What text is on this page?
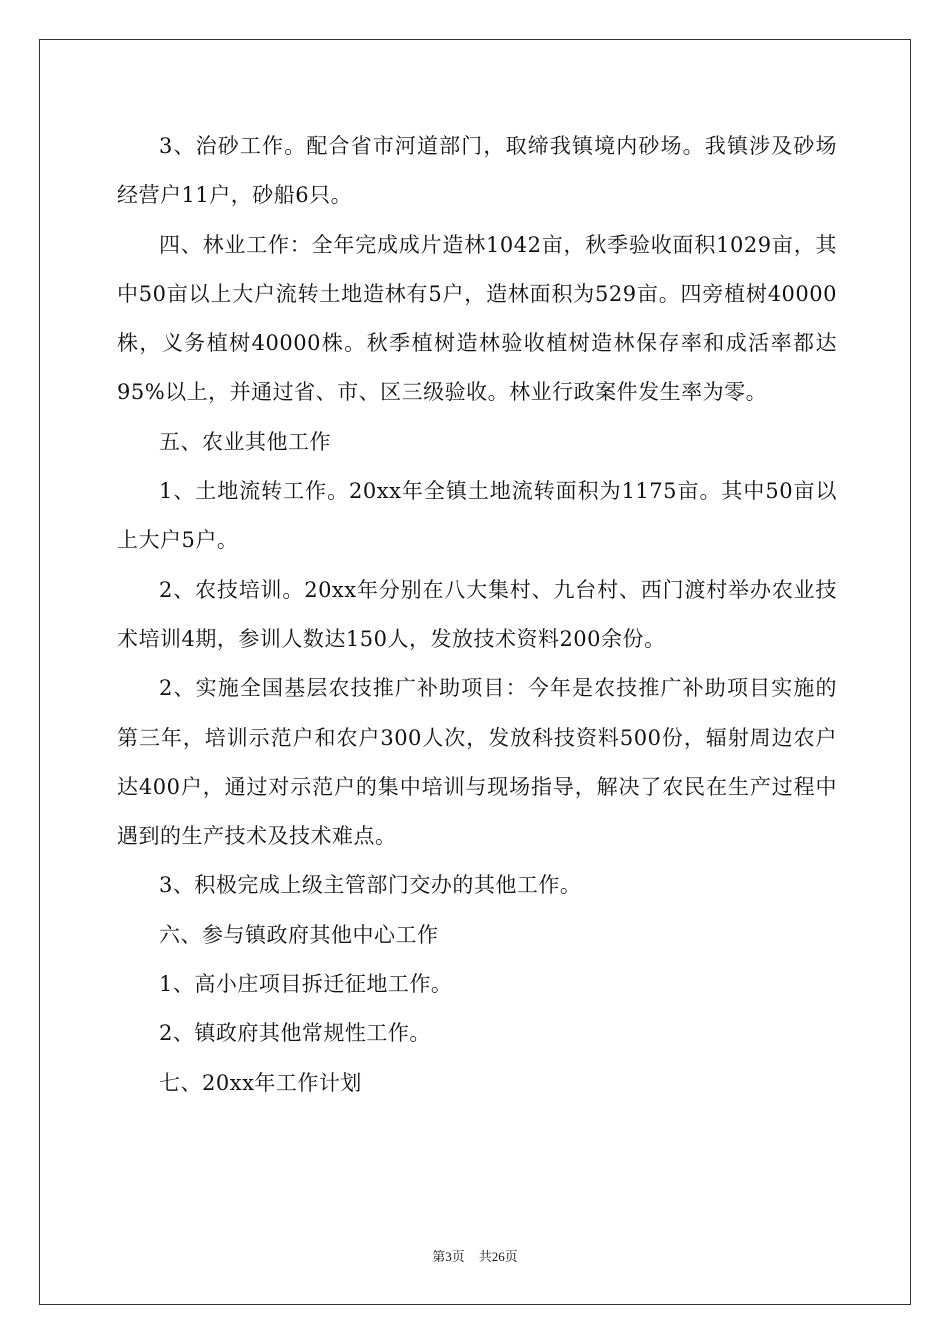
3、治砂工作。配合省市河道部门，取缔我镇境内砂场。我镇涉及砂场经营户11户，砂船6只。

四、林业工作：全年完成成片造林1042亩，秋季验收面积1029亩，其中50亩以上大户流转土地造林有5户，造林面积为529亩。四旁植树40000株，义务植树40000株。秋季植树造林验收植树造林保存率和成活率都达95%以上，并通过省、市、区三级验收。林业行政案件发生率为零。

五、农业其他工作

1、土地流转工作。20xx年全镇土地流转面积为1175亩。其中50亩以上大户5户。

2、农技培训。20xx年分别在八大集村、九台村、西门渡村举办农业技术培训4期，参训人数达150人，发放技术资料200余份。

2、实施全国基层农技推广补助项目：今年是农技推广补助项目实施的第三年，培训示范户和农户300人次，发放科技资料500份，辐射周边农户达400户，通过对示范户的集中培训与现场指导，解决了农民在生产过程中遇到的生产技术及技术难点。

3、积极完成上级主管部门交办的其他工作。

六、参与镇政府其他中心工作

1、高小庄项目拆迁征地工作。

2、镇政府其他常规性工作。

七、20xx年工作计划

第3页 共26页
